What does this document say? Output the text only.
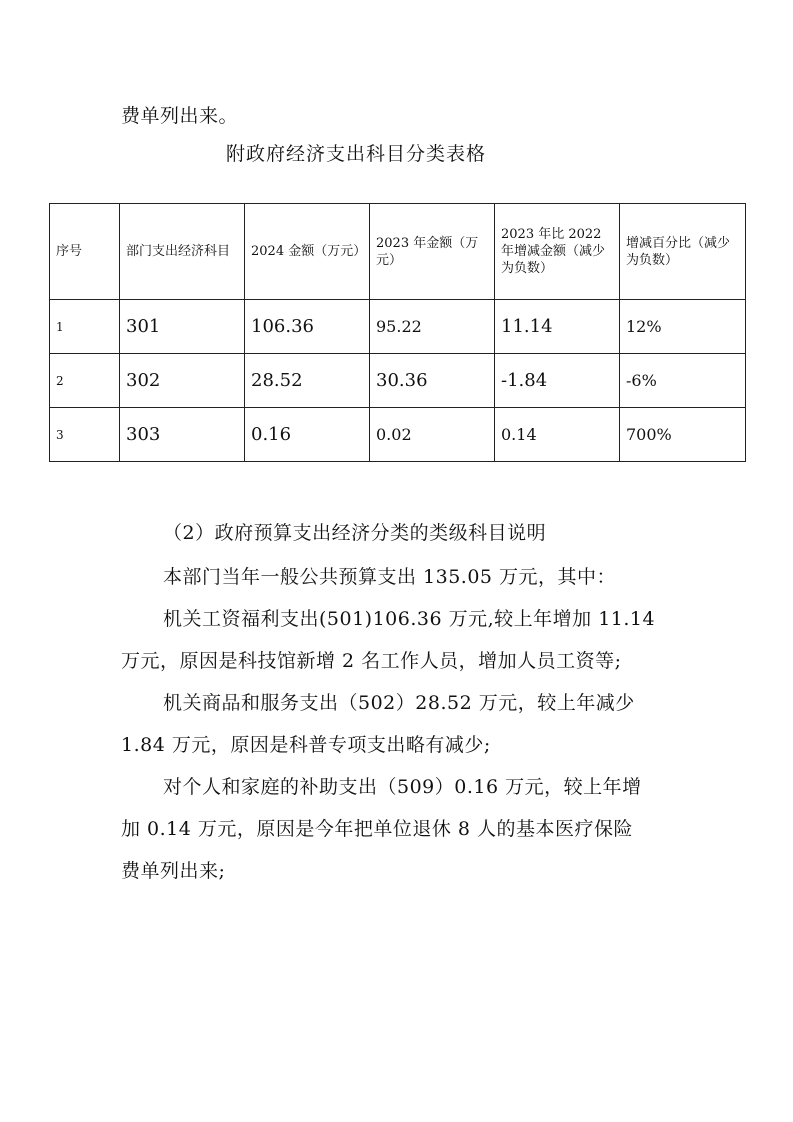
费单列出来。
附政府经济支出科目分类表格
序号	部门支出经济科目	2024 金额（万元）	2023 年金额（万元）	2023 年比 2022 年增减金额（减少为负数）	增减百分比（减少为负数）
1	301	106.36	95.22	11.14	12%
2	302	28.52	30.36	-1.84	-6%
3	303	0.16	0.02	0.14	700%
（2）政府预算支出经济分类的类级科目说明
本部门当年一般公共预算支出 135.05 万元，其中：
机关工资福利支出(501)106.36 万元,较上年增加 11.14
万元，原因是科技馆新增 2 名工作人员，增加人员工资等;
机关商品和服务支出（502）28.52 万元，较上年减少
1.84 万元，原因是科普专项支出略有减少;
对个人和家庭的补助支出（509）0.16 万元，较上年增
加 0.14 万元，原因是今年把单位退休 8 人的基本医疗保险
费单列出来;
